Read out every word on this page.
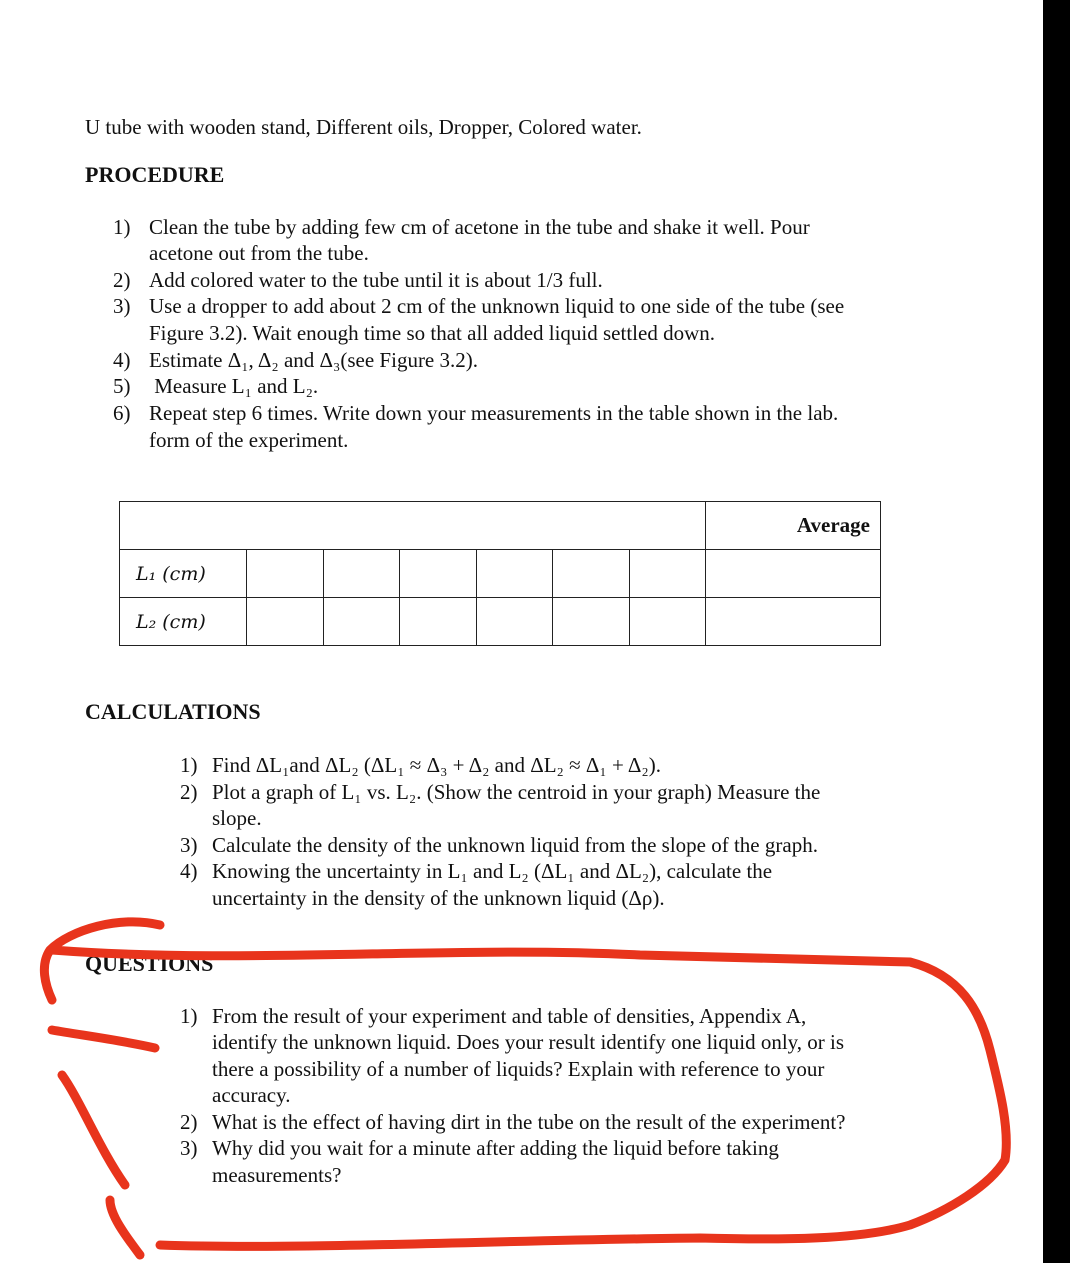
U tube with wooden stand, Different oils, Dropper, Colored water.
PROCEDURE
1) Clean the tube by adding few cm of acetone in the tube and shake it well. Pour
acetone out from the tube.
2) Add colored water to the tube until it is about 1/3 full.
3) Use a dropper to add about 2 cm of the unknown liquid to one side of the tube (see
Figure 3.2). Wait enough time so that all added liquid settled down.
4) Estimate Δ₁, Δ₂ and Δ₃(see Figure 3.2).
5) Measure L₁ and L₂.
6) Repeat step 6 times. Write down your measurements in the table shown in the lab.
form of the experiment.
							Average
L₁ (cm)							
L₂ (cm)							
CALCULATIONS
1) Find ΔL₁and ΔL₂ (ΔL₁ ≈ Δ₃ + Δ₂ and ΔL₂ ≈ Δ₁ + Δ₂).
2) Plot a graph of L₁ vs. L₂. (Show the centroid in your graph) Measure the
slope.
3) Calculate the density of the unknown liquid from the slope of the graph.
4) Knowing the uncertainty in L₁ and L₂ (ΔL₁ and ΔL₂), calculate the
uncertainty in the density of the unknown liquid (Δρ).
QUESTIONS
1) From the result of your experiment and table of densities, Appendix A,
identify the unknown liquid. Does your result identify one liquid only, or is
there a possibility of a number of liquids? Explain with reference to your
accuracy.
2) What is the effect of having dirt in the tube on the result of the experiment?
3) Why did you wait for a minute after adding the liquid before taking
measurements?
